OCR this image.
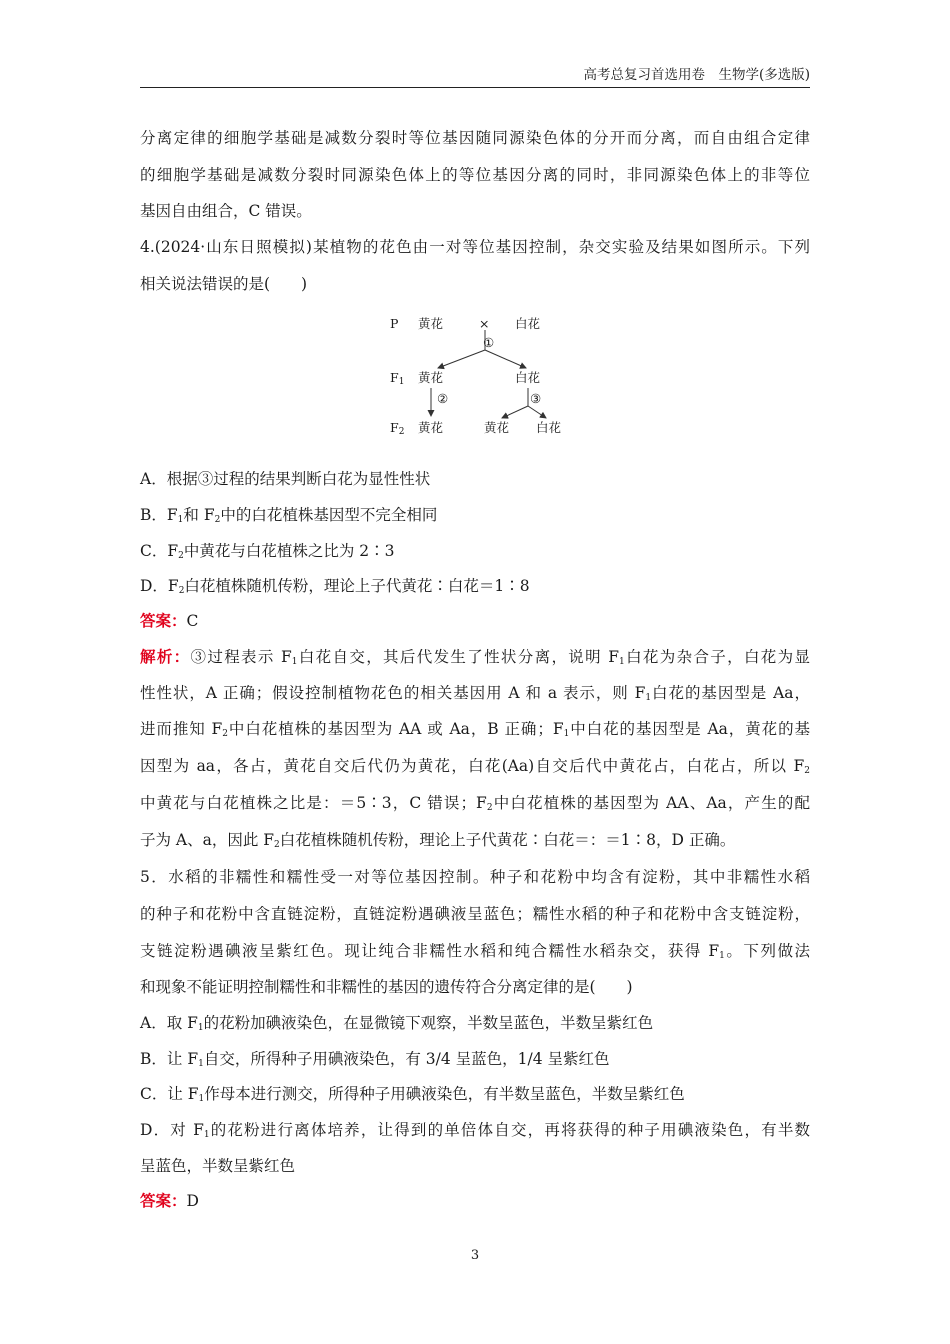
高考总复习首选用卷　生物学(多选版)
分离定律的细胞学基础是减数分裂时等位基因随同源染色体的分开而分离，而自由组合定律
的细胞学基础是减数分裂时同源染色体上的等位基因分离的同时，非同源染色体上的非等位
基因自由组合，C 错误。
4.(2024·山东日照模拟)某植物的花色由一对等位基因控制，杂交实验及结果如图所示。下列
相关说法错误的是(　　)
P 黄花	× 白花
①
$F_1$ 黄花	白花
②	③
$F_2$ 黄花	黄花 白花
A．根据③过程的结果判断白花为显性性状
B．$F_1$和 $F_2$中的白花植株基因型不完全相同
C．$F_2$中黄花与白花植株之比为 2∶3
D．$F_2$白花植株随机传粉，理论上子代黄花∶白花＝1∶8
答案：C
解析：③过程表示 $F_1$白花自交，其后代发生了性状分离，说明 $F_1$白花为杂合子，白花为显
性性状，A 正确；假设控制植物花色的相关基因用 A 和 a 表示，则 $F_1$白花的基因型是 Aa，
进而推知 $F_2$中白花植株的基因型为 AA 或 Aa，B 正确；$F_1$中白花的基因型是 Aa，黄花的基
因型为 aa，各占，黄花自交后代仍为黄花，白花(Aa)自交后代中黄花占，白花占，所以 $F_2$
中黄花与白花植株之比是：＝5∶3，C 错误；$F_2$中白花植株的基因型为 AA、Aa，产生的配
子为 A、a，因此 $F_2$白花植株随机传粉，理论上子代黄花∶白花＝：＝1∶8，D 正确。
5．水稻的非糯性和糯性受一对等位基因控制。种子和花粉中均含有淀粉，其中非糯性水稻
的种子和花粉中含直链淀粉，直链淀粉遇碘液呈蓝色；糯性水稻的种子和花粉中含支链淀粉，
支链淀粉遇碘液呈紫红色。现让纯合非糯性水稻和纯合糯性水稻杂交，获得 $F_1$。下列做法
和现象不能证明控制糯性和非糯性的基因的遗传符合分离定律的是(　　)
A．取 $F_1$的花粉加碘液染色，在显微镜下观察，半数呈蓝色，半数呈紫红色
B．让 $F_1$自交，所得种子用碘液染色，有 3/4 呈蓝色，1/4 呈紫红色
C．让 $F_1$作母本进行测交，所得种子用碘液染色，有半数呈蓝色，半数呈紫红色
D．对 $F_1$的花粉进行离体培养，让得到的单倍体自交，再将获得的种子用碘液染色，有半数
呈蓝色，半数呈紫红色
答案：D
3
